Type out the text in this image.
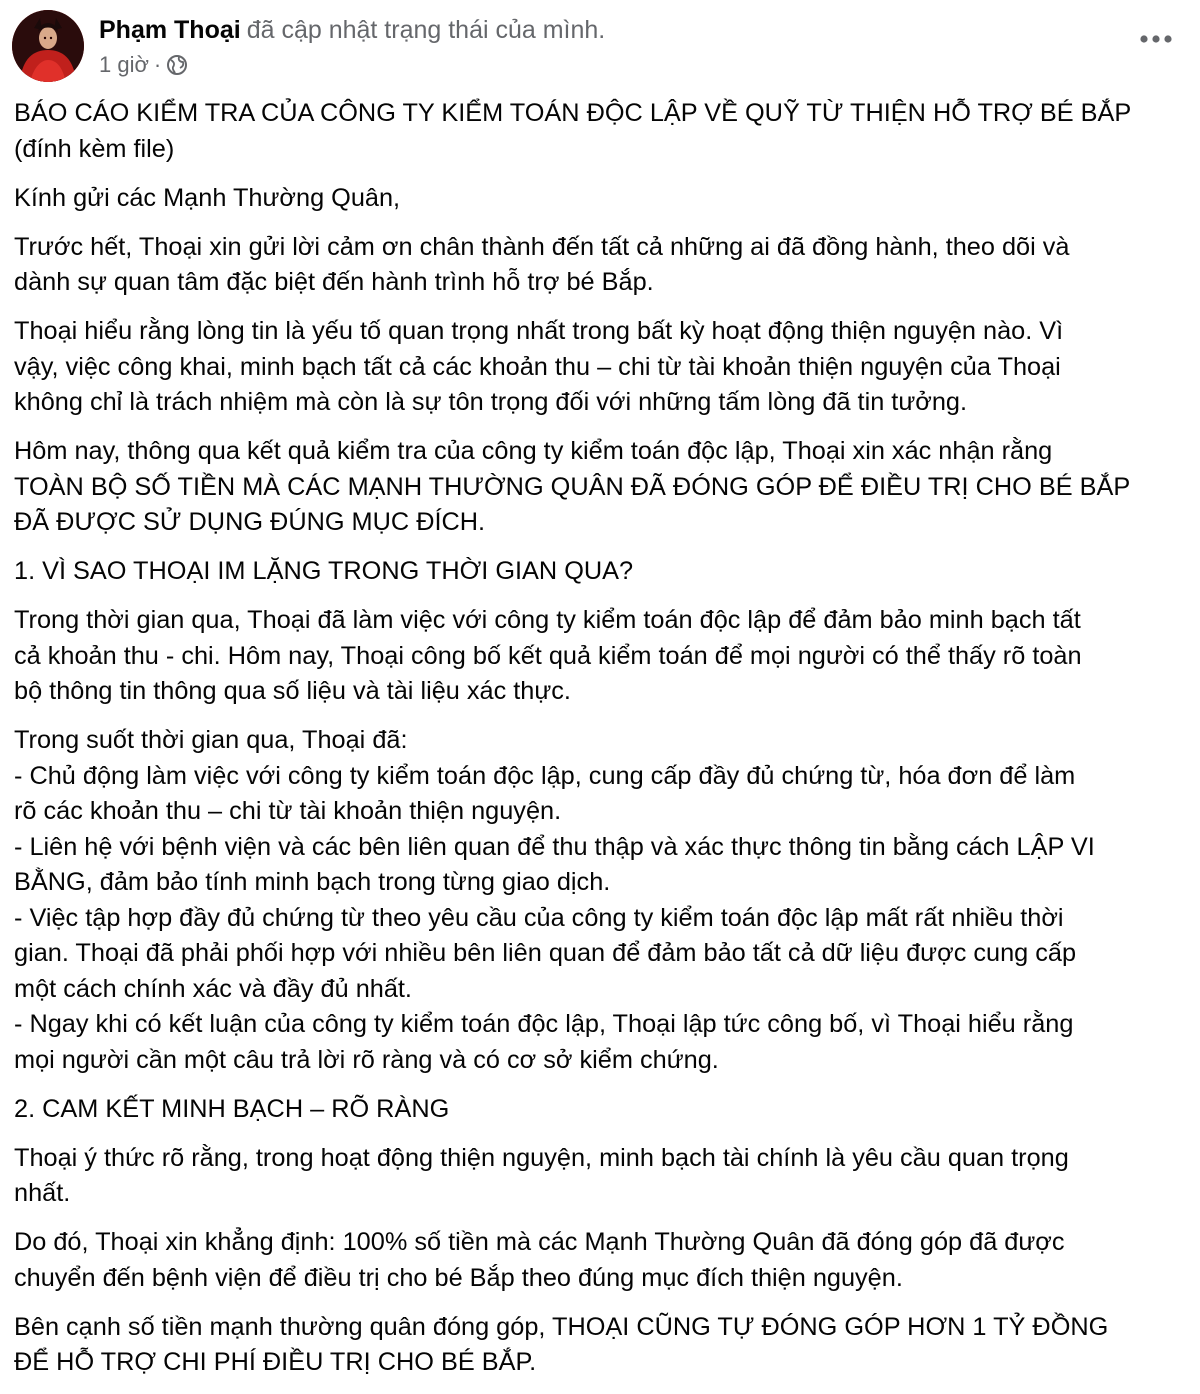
Phạm Thoại đã cập nhật trạng thái của mình.
1 giờ ·

BÁO CÁO KIỂM TRA CỦA CÔNG TY KIỂM TOÁN ĐỘC LẬP VỀ QUỸ TỪ THIỆN HỖ TRỢ BÉ BẮP
(đính kèm file)

Kính gửi các Mạnh Thường Quân,

Trước hết, Thoại xin gửi lời cảm ơn chân thành đến tất cả những ai đã đồng hành, theo dõi và
dành sự quan tâm đặc biệt đến hành trình hỗ trợ bé Bắp.

Thoại hiểu rằng lòng tin là yếu tố quan trọng nhất trong bất kỳ hoạt động thiện nguyện nào. Vì
vậy, việc công khai, minh bạch tất cả các khoản thu – chi từ tài khoản thiện nguyện của Thoại
không chỉ là trách nhiệm mà còn là sự tôn trọng đối với những tấm lòng đã tin tưởng.

Hôm nay, thông qua kết quả kiểm tra của công ty kiểm toán độc lập, Thoại xin xác nhận rằng
TOÀN BỘ SỐ TIỀN MÀ CÁC MẠNH THƯỜNG QUÂN ĐÃ ĐÓNG GÓP ĐỂ ĐIỀU TRỊ CHO BÉ BẮP
ĐÃ ĐƯỢC SỬ DỤNG ĐÚNG MỤC ĐÍCH.

1. VÌ SAO THOẠI IM LẶNG TRONG THỜI GIAN QUA?

Trong thời gian qua, Thoại đã làm việc với công ty kiểm toán độc lập để đảm bảo minh bạch tất
cả khoản thu - chi. Hôm nay, Thoại công bố kết quả kiểm toán để mọi người có thể thấy rõ toàn
bộ thông tin thông qua số liệu và tài liệu xác thực.

Trong suốt thời gian qua, Thoại đã:
- Chủ động làm việc với công ty kiểm toán độc lập, cung cấp đầy đủ chứng từ, hóa đơn để làm
rõ các khoản thu – chi từ tài khoản thiện nguyện.
- Liên hệ với bệnh viện và các bên liên quan để thu thập và xác thực thông tin bằng cách LẬP VI
BẰNG, đảm bảo tính minh bạch trong từng giao dịch.
- Việc tập hợp đầy đủ chứng từ theo yêu cầu của công ty kiểm toán độc lập mất rất nhiều thời
gian. Thoại đã phải phối hợp với nhiều bên liên quan để đảm bảo tất cả dữ liệu được cung cấp
một cách chính xác và đầy đủ nhất.
- Ngay khi có kết luận của công ty kiểm toán độc lập, Thoại lập tức công bố, vì Thoại hiểu rằng
mọi người cần một câu trả lời rõ ràng và có cơ sở kiểm chứng.

2. CAM KẾT MINH BẠCH – RÕ RÀNG

Thoại ý thức rõ rằng, trong hoạt động thiện nguyện, minh bạch tài chính là yêu cầu quan trọng
nhất.

Do đó, Thoại xin khẳng định: 100% số tiền mà các Mạnh Thường Quân đã đóng góp đã được
chuyển đến bệnh viện để điều trị cho bé Bắp theo đúng mục đích thiện nguyện.

Bên cạnh số tiền mạnh thường quân đóng góp, THOẠI CŨNG TỰ ĐÓNG GÓP HƠN 1 TỶ ĐỒNG
ĐỂ HỖ TRỢ CHI PHÍ ĐIỀU TRỊ CHO BÉ BẮP.
